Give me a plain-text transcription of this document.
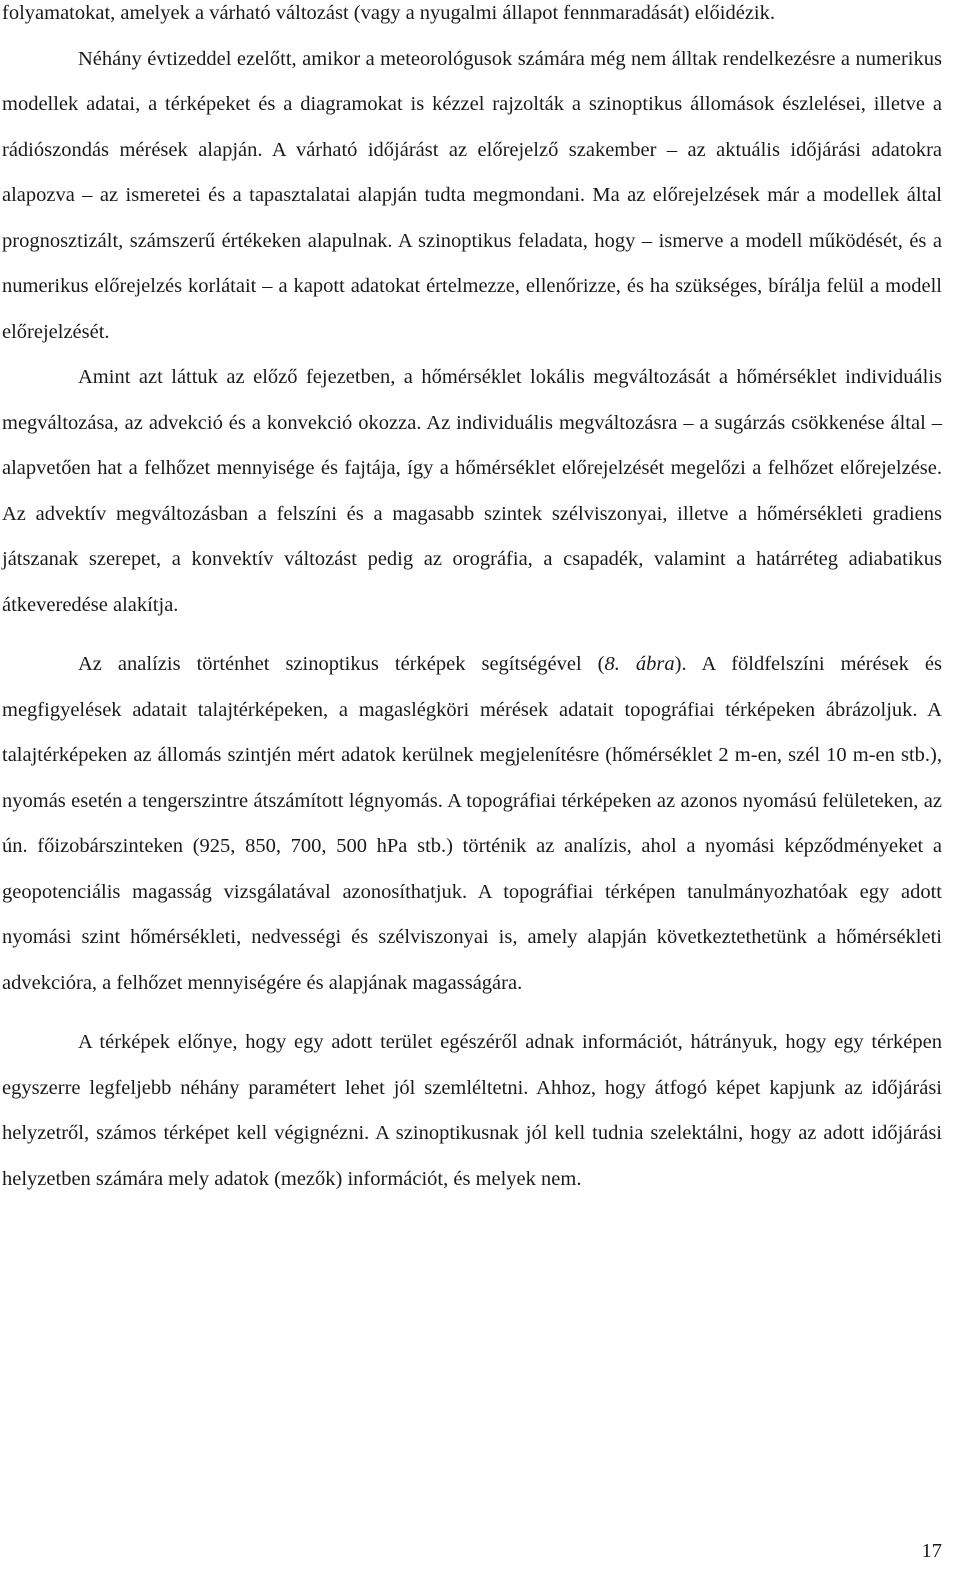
folyamatokat, amelyek a várható változást (vagy a nyugalmi állapot fennmaradását) előidézik.

Néhány évtizeddel ezelőtt, amikor a meteorológusok számára még nem álltak rendelkezésre a numerikus modellek adatai, a térképeket és a diagramokat is kézzel rajzolták a szinoptikus állomások észlelései, illetve a rádiószondás mérések alapján. A várható időjárást az előrejelző szakember – az aktuális időjárási adatokra alapozva – az ismeretei és a tapasztalatai alapján tudta megmondani. Ma az előrejelzések már a modellek által prognosztizált, számszerű értékeken alapulnak. A szinoptikus feladata, hogy – ismerve a modell működését, és a numerikus előrejelzés korlátait – a kapott adatokat értelmezze, ellenőrizze, és ha szükséges, bírálja felül a modell előrejelzését.

Amint azt láttuk az előző fejezetben, a hőmérséklet lokális megváltozását a hőmérséklet individuális megváltozása, az advekció és a konvekció okozza. Az individuális megváltozásra – a sugárzás csökkenése által – alapvetően hat a felhőzet mennyisége és fajtája, így a hőmérséklet előrejelzését megelőzi a felhőzet előrejelzése. Az advektív megváltozásban a felszíni és a magasabb szintek szélviszonyai, illetve a hőmérsékleti gradiens játszanak szerepet, a konvektív változást pedig az orográfia, a csapadék, valamint a határréteg adiabatikus átkeveredése alakítja.

Az analízis történhet szinoptikus térképek segítségével (8. ábra). A földfelszíni mérések és megfigyelések adatait talajtérképeken, a magaslégköri mérések adatait topográfiai térképeken ábrázoljuk. A talajtérképeken az állomás szintjén mért adatok kerülnek megjelenítésre (hőmérséklet 2 m-en, szél 10 m-en stb.), nyomás esetén a tengerszintre átszámított légnyomás. A topográfiai térképeken az azonos nyomású felületeken, az ún. főizobárszinteken (925, 850, 700, 500 hPa stb.) történik az analízis, ahol a nyomási képződményeket a geopotenciális magasság vizsgálatával azonosíthatjuk. A topográfiai térképen tanulmányozhatóak egy adott nyomási szint hőmérsékleti, nedvességi és szélviszonyai is, amely alapján következtethetünk a hőmérsékleti advekcióra, a felhőzet mennyiségére és alapjának magasságára.

A térképek előnye, hogy egy adott terület egészéről adnak információt, hátrányuk, hogy egy térképen egyszerre legfeljebb néhány paramétert lehet jól szemléltetni. Ahhoz, hogy átfogó képet kapjunk az időjárási helyzetről, számos térképet kell végignézni. A szinoptikusnak jól kell tudnia szelektálni, hogy az adott időjárási helyzetben számára mely adatok (mezők) információt, és melyek nem.

17
